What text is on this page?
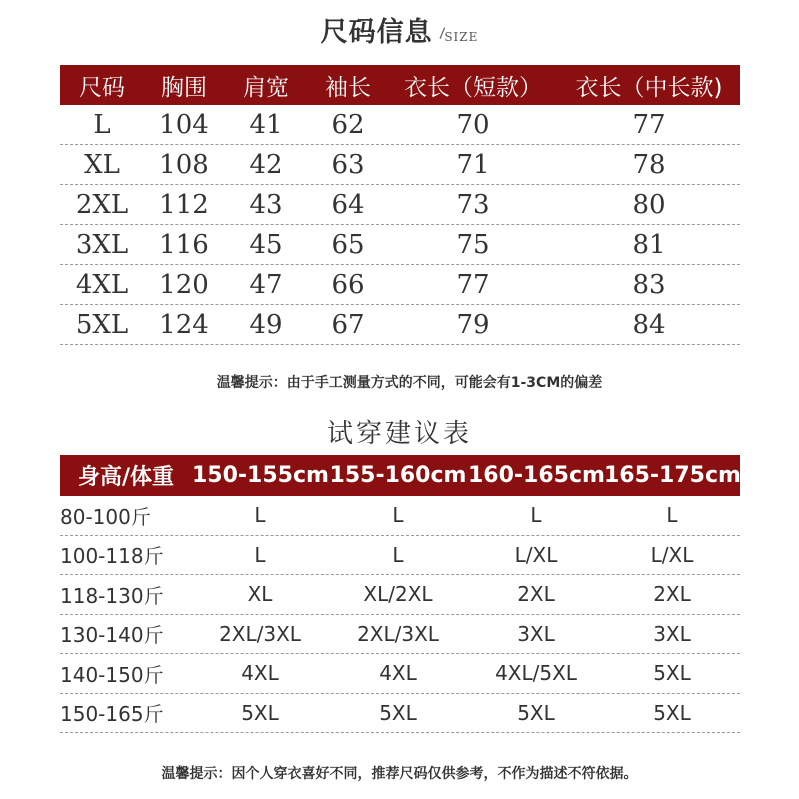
尺码信息 \SIZE
尺码	胸围	肩宽	袖长	衣长（短款）	衣长（中长款)
L	104	41	62	70	77
XL	108	42	63	71	78
2XL	112	43	64	73	80
3XL	116	45	65	75	81
4XL	120	47	66	77	83
5XL	124	49	67	79	84
温馨提示：由于手工测量方式的不同，可能会有1-3CM的偏差
试穿建议表
身高/体重 150-155cm 155-160cm 160-165cm 165-175cm
80-100斤	L	L	L	L
100-118斤	L	L	L/XL	L/XL
118-130斤	XL	XL/2XL	2XL	2XL
130-140斤	2XL/3XL	2XL/3XL	3XL	3XL
140-150斤	4XL	4XL	4XL/5XL	5XL
150-165斤	5XL	5XL	5XL	5XL
温馨提示：因个人穿衣喜好不同，推荐尺码仅供参考，不作为描述不符依据。
